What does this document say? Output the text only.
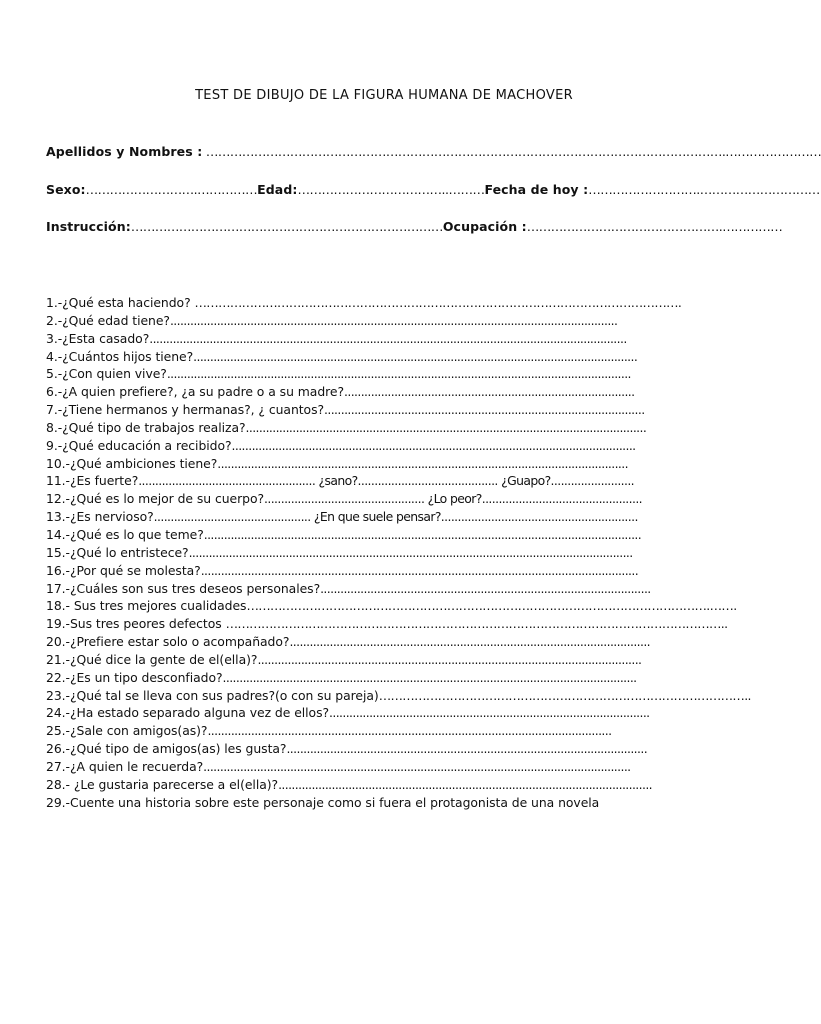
TEST DE DIBUJO DE LA FIGURA HUMANA DE MACHOVER
Apellidos y Nombres : ………………………………………………………………………………………………………………….……………………
Sexo:……………………….……………Edad:………………………………..………Fecha de hoy :……………………….…………………………
Instrucción:……………………………………………………………………Ocupación :………………………………………….……………
1.-¿Qué esta haciendo? …………………………………………………………………………………………………………….
2.-¿Qué edad tiene?......................................................................................................................................
3.-¿Esta casado?...............................................................................................................................................
4.-¿Cuántos hijos tiene?.....................................................................................................................................
5.-¿Con quien vive?...........................................................................................................................................
6.-¿A quien prefiere?, ¿a su padre o a su madre?.......................................................................................
7.-¿Tiene hermanos y hermanas?, ¿ cuantos?................................................................................................
8.-¿Qué tipo de trabajos realiza?........................................................................................................................
9.-¿Qué educación a recibido?.........................................................................................................................
10.-¿Qué ambiciones tiene?...........................................................................................................................
11.-¿Es fuerte?..................................................... ¿sano?.......................................... ¿Guapo?.........................
12.-¿Qué es lo mejor de su cuerpo?................................................ ¿Lo peor?................................................
13.-¿Es nervioso?............................................... ¿En que suele pensar?...........................................................
14.-¿Qué es lo que teme?...................................................................................................................................
15.-¿Qué lo entristece?.....................................................................................................................................
16.-¿Por qué se molesta?...................................................................................................................................
17.-¿Cuáles son sus tres deseos personales?...................................................................................................
18.- Sus tres mejores cualidades……………………………………………………………………………………………………….…….
19.-Sus tres peores defectos ………………………………………………………………………………………………………………..
20.-¿Prefiere estar solo o acompañado?............................................................................................................
21.-¿Qué dice la gente de el(ella)?...................................................................................................................
22.-¿Es un tipo desconfiado?............................................................................................................................
23.-¿Qué tal se lleva con sus padres?(o con su pareja)…………………………………………………………………………………..
24.-¿Ha estado separado alguna vez de ellos?................................................................................................
25.-¿Sale con amigos(as)?.........................................................................................................................
26.-¿Qué tipo de amigos(as) les gusta?............................................................................................................
27.-¿A quien le recuerda?................................................................................................................................
28.- ¿Le gustaria parecerse a el(ella)?................................................................................................................
29.-Cuente una historia sobre este personaje como si fuera el protagonista de una novela
